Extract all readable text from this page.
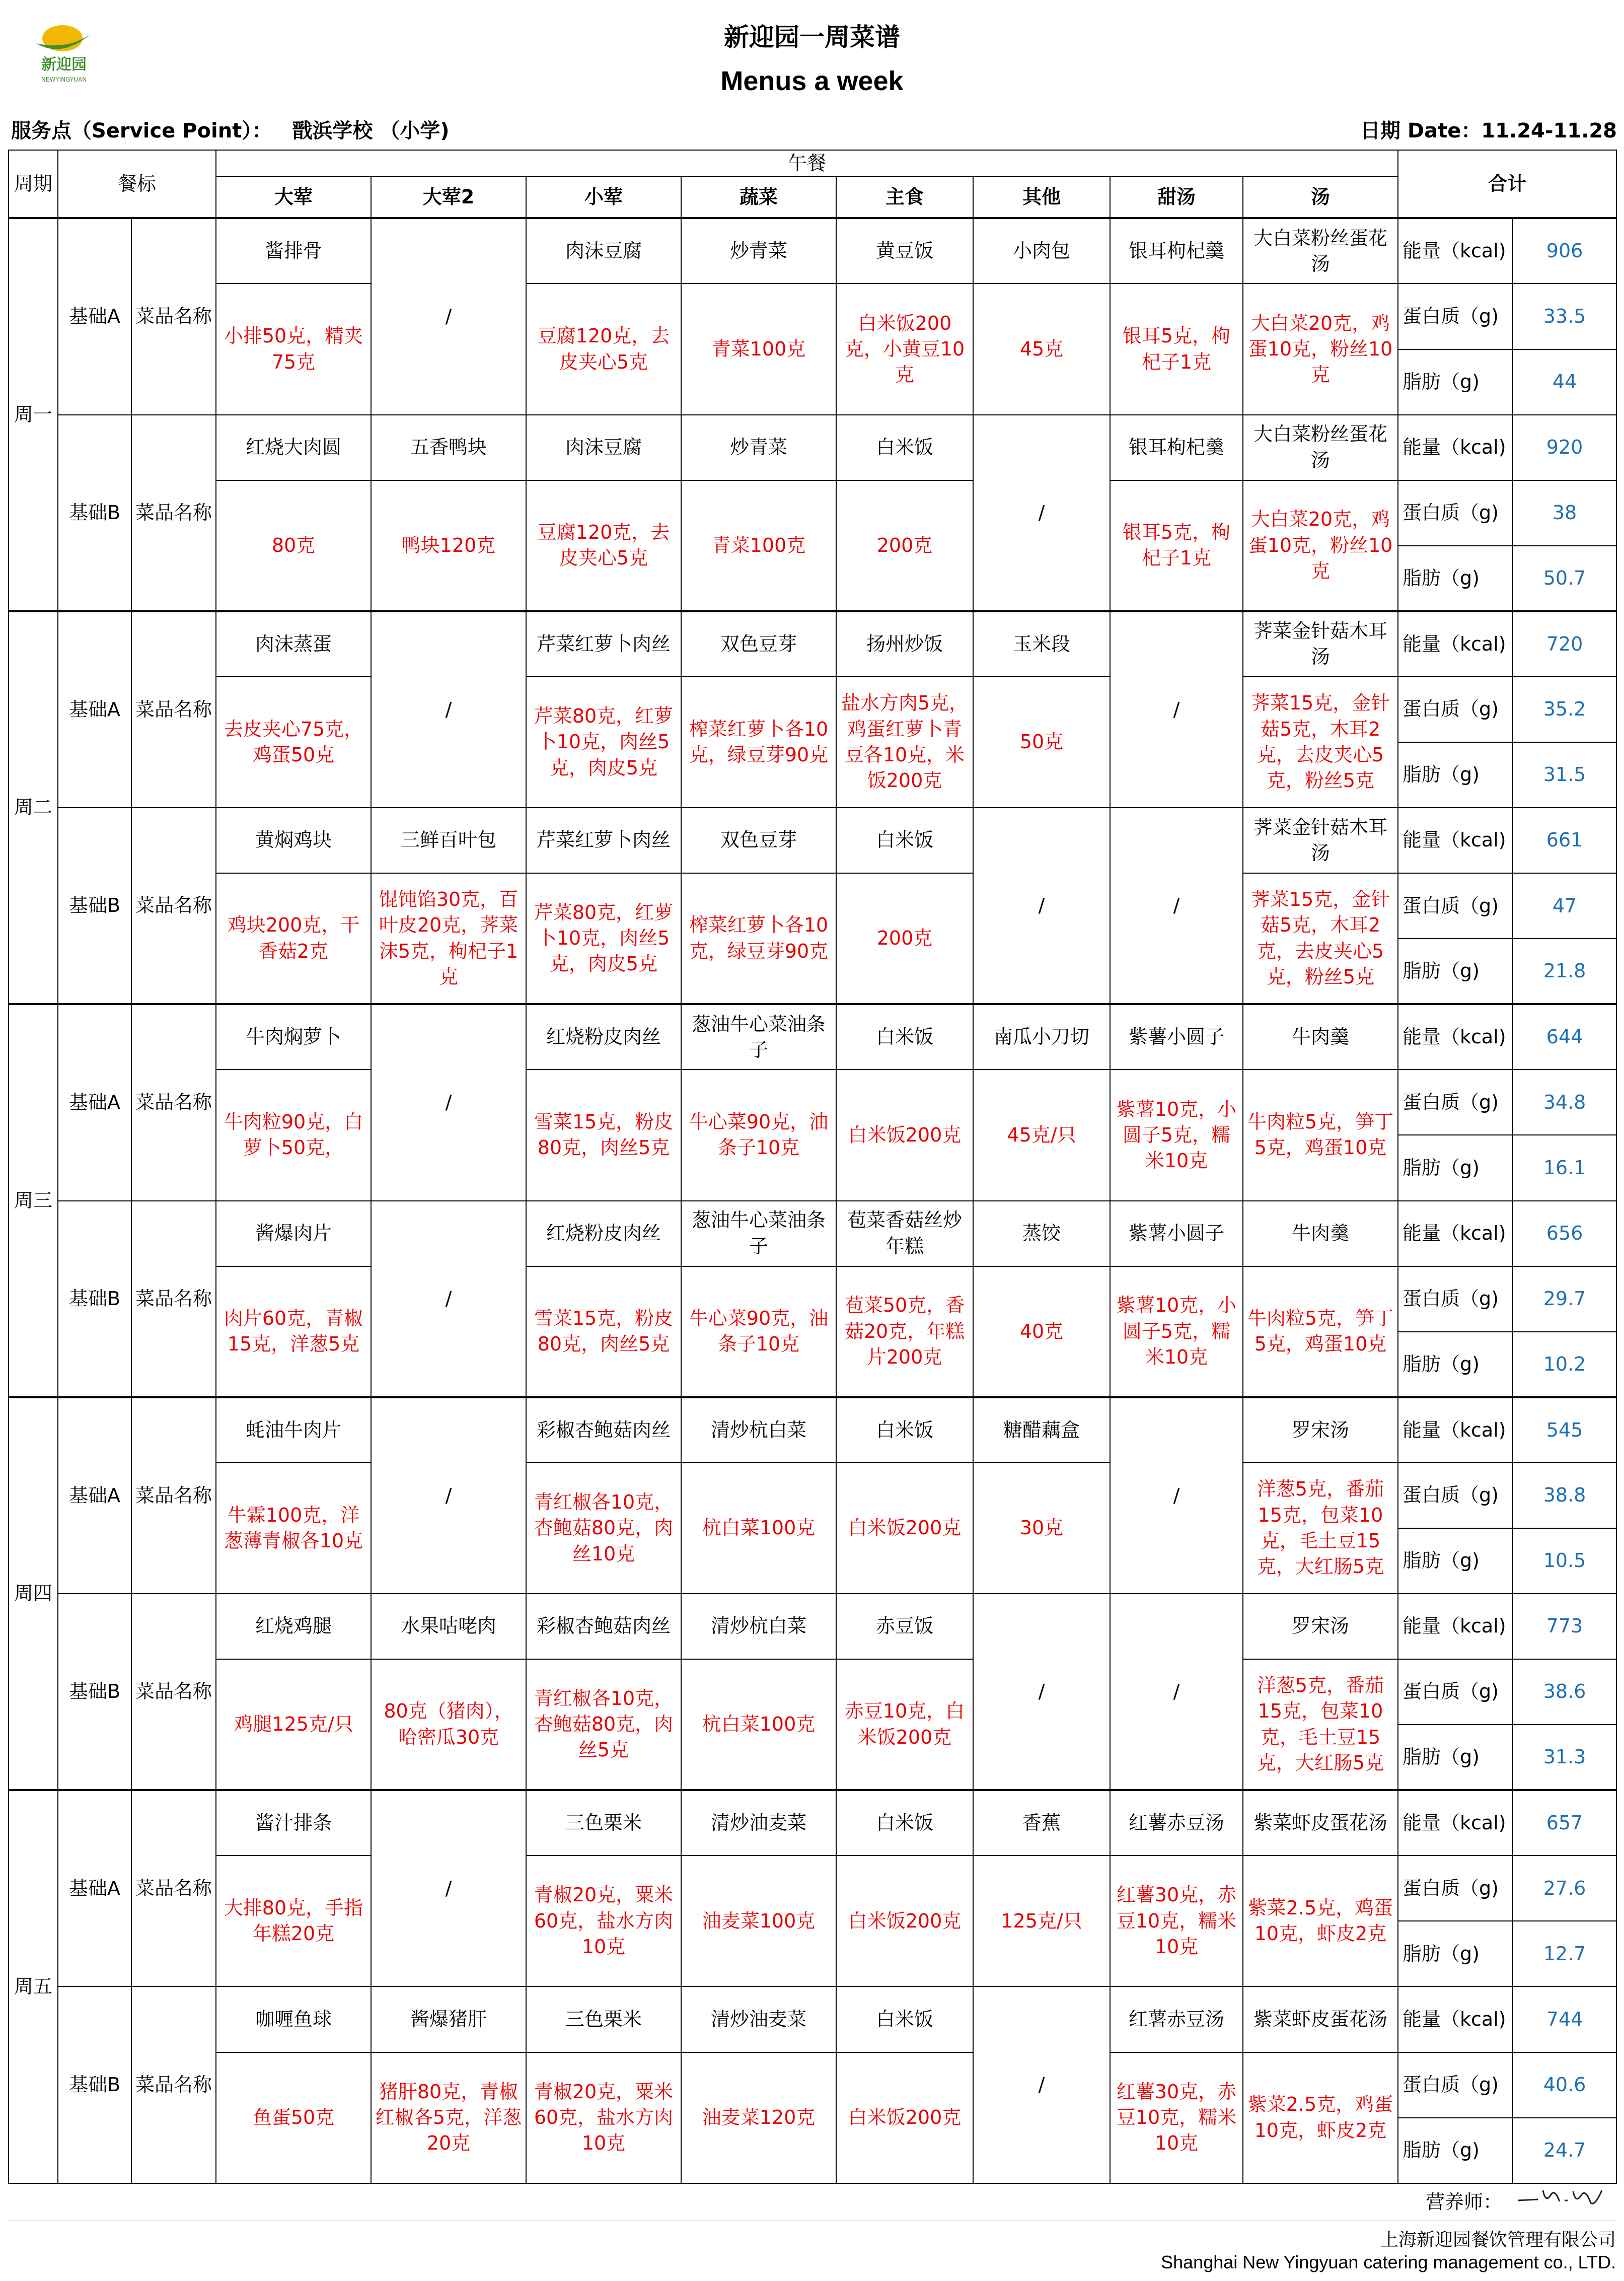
新迎园
NEWYINGYUAN
新迎园一周菜谱
Menus a week
服务点（Service Point）： 戬浜学校 （小学)	日期 Date：11.24-11.28
周期	餐标		午餐								合计	
			大荤	大荤2	小荤	蔬菜	主食	其他	甜汤	汤		
周一	基础A	菜品名称	酱排骨	/	肉沫豆腐	炒青菜	黄豆饭	小肉包	银耳枸杞羹	大白菜粉丝蛋花汤	能量（kcal)	906
			小排50克，精夹75克		豆腐120克，去皮夹心5克	青菜100克	白米饭200克，小黄豆10克	45克	银耳5克，枸杞子1克	大白菜20克，鸡蛋10克，粉丝10克	蛋白质（g)	33.5
											脂肪（g)	44
	基础B	菜品名称	红烧大肉圆	五香鸭块	肉沫豆腐	炒青菜	白米饭	/	银耳枸杞羹	大白菜粉丝蛋花汤	能量（kcal)	920
			80克	鸭块120克	豆腐120克，去皮夹心5克	青菜100克	200克		银耳5克，枸杞子1克	大白菜20克，鸡蛋10克，粉丝10克	蛋白质（g)	38
											脂肪（g)	50.7
周二	基础A	菜品名称	肉沫蒸蛋	/	芹菜红萝卜肉丝	双色豆芽	扬州炒饭	玉米段	/	荠菜金针菇木耳汤	能量（kcal)	720
			去皮夹心75克，鸡蛋50克		芹菜80克，红萝卜10克，肉丝5克，肉皮5克	榨菜红萝卜各10克，绿豆芽90克	盐水方肉5克，鸡蛋红萝卜青豆各10克，米饭200克	50克		荠菜15克，金针菇5克，木耳2克，去皮夹心5克，粉丝5克	蛋白质（g)	35.2
											脂肪（g)	31.5
	基础B	菜品名称	黄焖鸡块	三鲜百叶包	芹菜红萝卜肉丝	双色豆芽	白米饭	/	/	荠菜金针菇木耳汤	能量（kcal)	661
			鸡块200克，干香菇2克	馄饨馅30克，百叶皮20克，荠菜沫5克，枸杞子1克	芹菜80克，红萝卜10克，肉丝5克，肉皮5克	榨菜红萝卜各10克，绿豆芽90克	200克			荠菜15克，金针菇5克，木耳2克，去皮夹心5克，粉丝5克	蛋白质（g)	47
											脂肪（g)	21.8
周三	基础A	菜品名称	牛肉焖萝卜	/	红烧粉皮肉丝	葱油牛心菜油条子	白米饭	南瓜小刀切	紫薯小圆子	牛肉羹	能量（kcal)	644
			牛肉粒90克，白萝卜50克，		雪菜15克，粉皮80克，肉丝5克	牛心菜90克，油条子10克	白米饭200克	45克/只	紫薯10克，小圆子5克，糯米10克	牛肉粒5克，笋丁5克，鸡蛋10克	蛋白质（g)	34.8
											脂肪（g)	16.1
	基础B	菜品名称	酱爆肉片	/	红烧粉皮肉丝	葱油牛心菜油条子	苞菜香菇丝炒年糕	蒸饺	紫薯小圆子	牛肉羹	能量（kcal)	656
			肉片60克，青椒15克，洋葱5克		雪菜15克，粉皮80克，肉丝5克	牛心菜90克，油条子10克	苞菜50克，香菇20克，年糕片200克	40克	紫薯10克，小圆子5克，糯米10克	牛肉粒5克，笋丁5克，鸡蛋10克	蛋白质（g)	29.7
											脂肪（g)	10.2
周四	基础A	菜品名称	蚝油牛肉片	/	彩椒杏鲍菇肉丝	清炒杭白菜	白米饭	糖醋藕盒	/	罗宋汤	能量（kcal)	545
			牛霖100克，洋葱薄青椒各10克		青红椒各10克，杏鲍菇80克，肉丝10克	杭白菜100克	白米饭200克	30克		洋葱5克，番茄15克，包菜10克，毛土豆15克，大红肠5克	蛋白质（g)	38.8
											脂肪（g)	10.5
	基础B	菜品名称	红烧鸡腿	水果咕咾肉	彩椒杏鲍菇肉丝	清炒杭白菜	赤豆饭	/	/	罗宋汤	能量（kcal)	773
			鸡腿125克/只	80克（猪肉），哈密瓜30克	青红椒各10克，杏鲍菇80克，肉丝5克	杭白菜100克	赤豆10克，白米饭200克			洋葱5克，番茄15克，包菜10克，毛土豆15克，大红肠5克	蛋白质（g)	38.6
											脂肪（g)	31.3
周五	基础A	菜品名称	酱汁排条	/	三色栗米	清炒油麦菜	白米饭	香蕉	红薯赤豆汤	紫菜虾皮蛋花汤	能量（kcal)	657
			大排80克，手指年糕20克		青椒20克，粟米60克，盐水方肉10克	油麦菜100克	白米饭200克	125克/只	红薯30克，赤豆10克，糯米10克	紫菜2.5克，鸡蛋10克，虾皮2克	蛋白质（g)	27.6
											脂肪（g)	12.7
	基础B	菜品名称	咖喱鱼球	酱爆猪肝	三色栗米	清炒油麦菜	白米饭	/	红薯赤豆汤	紫菜虾皮蛋花汤	能量（kcal)	744
			鱼蛋50克	猪肝80克，青椒红椒各5克，洋葱20克	青椒20克，粟米60克，盐水方肉10克	油麦菜120克	白米饭200克		红薯30克，赤豆10克，糯米10克	紫菜2.5克，鸡蛋10克，虾皮2克	蛋白质（g)	40.6
											脂肪（g)	24.7
营养师：
上海新迎园餐饮管理有限公司
Shanghai New Yingyuan catering management co., LTD.
